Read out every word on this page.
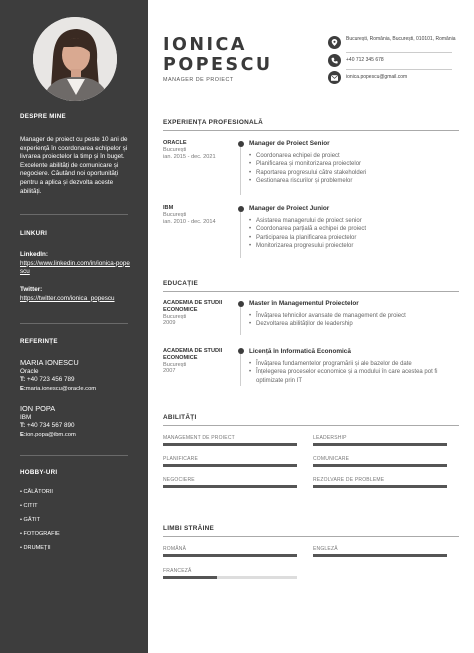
DESPRE MINE
Manager de proiect cu peste 10 ani de experiență în coordonarea echipelor și livrarea proiectelor la timp și în buget. Excelente abilități de comunicare și negociere. Căutând noi oportunități pentru a aplica și dezvolta aceste abilități.
LINKURI
LinkedIn:
https://www.linkedin.com/in/ionica-popescu
Twitter:
https://twitter.com/ionica_popescu
REFERINȚE
MARIA IONESCU
Oracle
T: +40 723 456 789
E:maria.ionescu@oracle.com
ION POPA
IBM
T: +40 734 567 890
E:ion.popa@ibm.com
HOBBY-URI
• CĂLĂTORII
• CITIT
• GĂTIT
• FOTOGRAFIE
• DRUMEȚII
IONICA
POPESCU
MANAGER DE PROIECT
București, România, București, 010101, România
+40 712 345 678
ionica.popescu@gmail.com
EXPERIENȚA PROFESIONALĂ
ORACLE
București
ian. 2015 - dec. 2021
Manager de Proiect Senior
• Coordonarea echipei de proiect
• Planificarea și monitorizarea proiectelor
• Raportarea progresului către stakeholderi
• Gestionarea riscurilor și problemelor
IBM
București
ian. 2010 - dec. 2014
Manager de Proiect Junior
• Asistarea managerului de proiect senior
• Coordonarea parțială a echipei de proiect
• Participarea la planificarea proiectelor
• Monitorizarea progresului proiectelor
EDUCAȚIE
ACADEMIA DE STUDII ECONOMICE
București
2009
Master în Managementul Proiectelor
• Învățarea tehnicilor avansate de management de proiect
• Dezvoltarea abilităților de leadership
ACADEMIA DE STUDII ECONOMICE
București
2007
Licență în Informatică Economică
• Învățarea fundamentelor programării și ale bazelor de date
• Înțelegerea proceselor economice și a modului în care acestea pot fi optimizate prin IT
ABILITĂȚI
MANAGEMENT DE PROIECT	LEADERSHIP
PLANIFICARE	COMUNICARE
NEGOCIERE	REZOLVARE DE PROBLEME
LIMBI STRĂINE
ROMÂNĂ	ENGLEZĂ
FRANCEZĂ
